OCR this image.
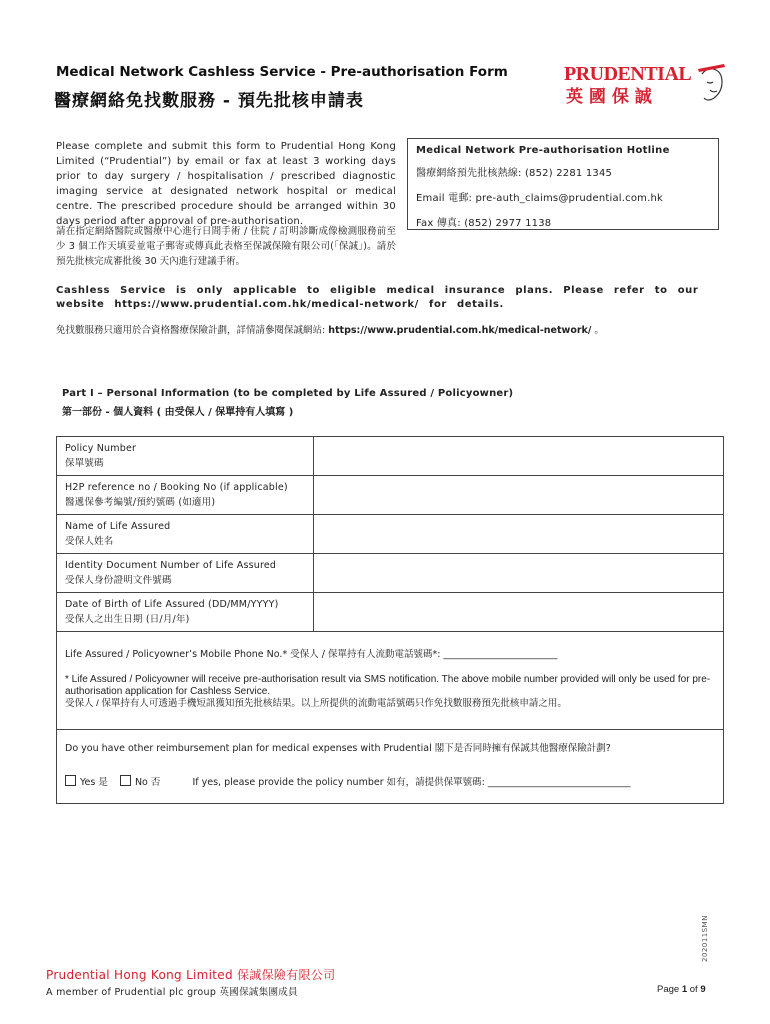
Medical Network Cashless Service - Pre-authorisation Form
醫療網絡免找數服務 - 預先批核申請表
PRUDENTIAL
英 國 保 誠
Please complete and submit this form to Prudential Hong Kong Limited (“Prudential”) by email or fax at least 3 working days prior to day surgery / hospitalisation / prescribed diagnostic imaging service at designated network hospital or medical centre. The prescribed procedure should be arranged within 30 days period after approval of pre-authorisation.
請在指定網絡醫院或醫療中心進行日間手術 / 住院 / 訂明診斷成像檢測服務前至少 3 個工作天填妥並電子郵寄或傳真此表格至保誠保險有限公司(「保誠」)。請於預先批核完成審批後 30 天內進行建議手術。
Medical Network Pre-authorisation Hotline
醫療網絡預先批核熱線: (852) 2281 1345
Email 電郵: pre-auth_claims@prudential.com.hk
Fax 傳真: (852) 2977 1138
Cashless Service is only applicable to eligible medical insurance plans. Please refer to our website https://www.prudential.com.hk/medical-network/ for details.
免找數服務只適用於合資格醫療保險計劃，詳情請參閱保誠網站: https://www.prudential.com.hk/medical-network/ 。
Part I – Personal Information (to be completed by Life Assured / Policyowner)
第一部份 - 個人資料 ( 由受保人 / 保單持有人填寫 )
Policy Number
保單號碼	

H2P reference no / Booking No (if applicable)
醫遞保參考編號/預約號碼 (如適用)	

Name of Life Assured
受保人姓名	

Identity Document Number of Life Assured
受保人身份證明文件號碼	

Date of Birth of Life Assured (DD/MM/YYYY)
受保人之出生日期 (日/月/年)	

Life Assured / Policyowner’s Mobile Phone No.* 受保人 / 保單持有人流動電話號碼*: ________________________
* Life Assured / Policyowner will receive pre-authorisation result via SMS notification. The above mobile number provided will only be used for pre-authorisation application for Cashless Service.
受保人 / 保單持有人可透過手機短訊獲知預先批核結果。以上所提供的流動電話號碼只作免找數服務預先批核申請之用。
Do you have other reimbursement plan for medical expenses with Prudential 閣下是否同時擁有保誠其他醫療保險計劃?
Yes 是	No 否	If yes, please provide the policy number 如有，請提供保單號碼: ______________________________
202011SMN
Prudential Hong Kong Limited 保誠保險有限公司
A member of Prudential plc group 英國保誠集團成員	Page 1 of 9
